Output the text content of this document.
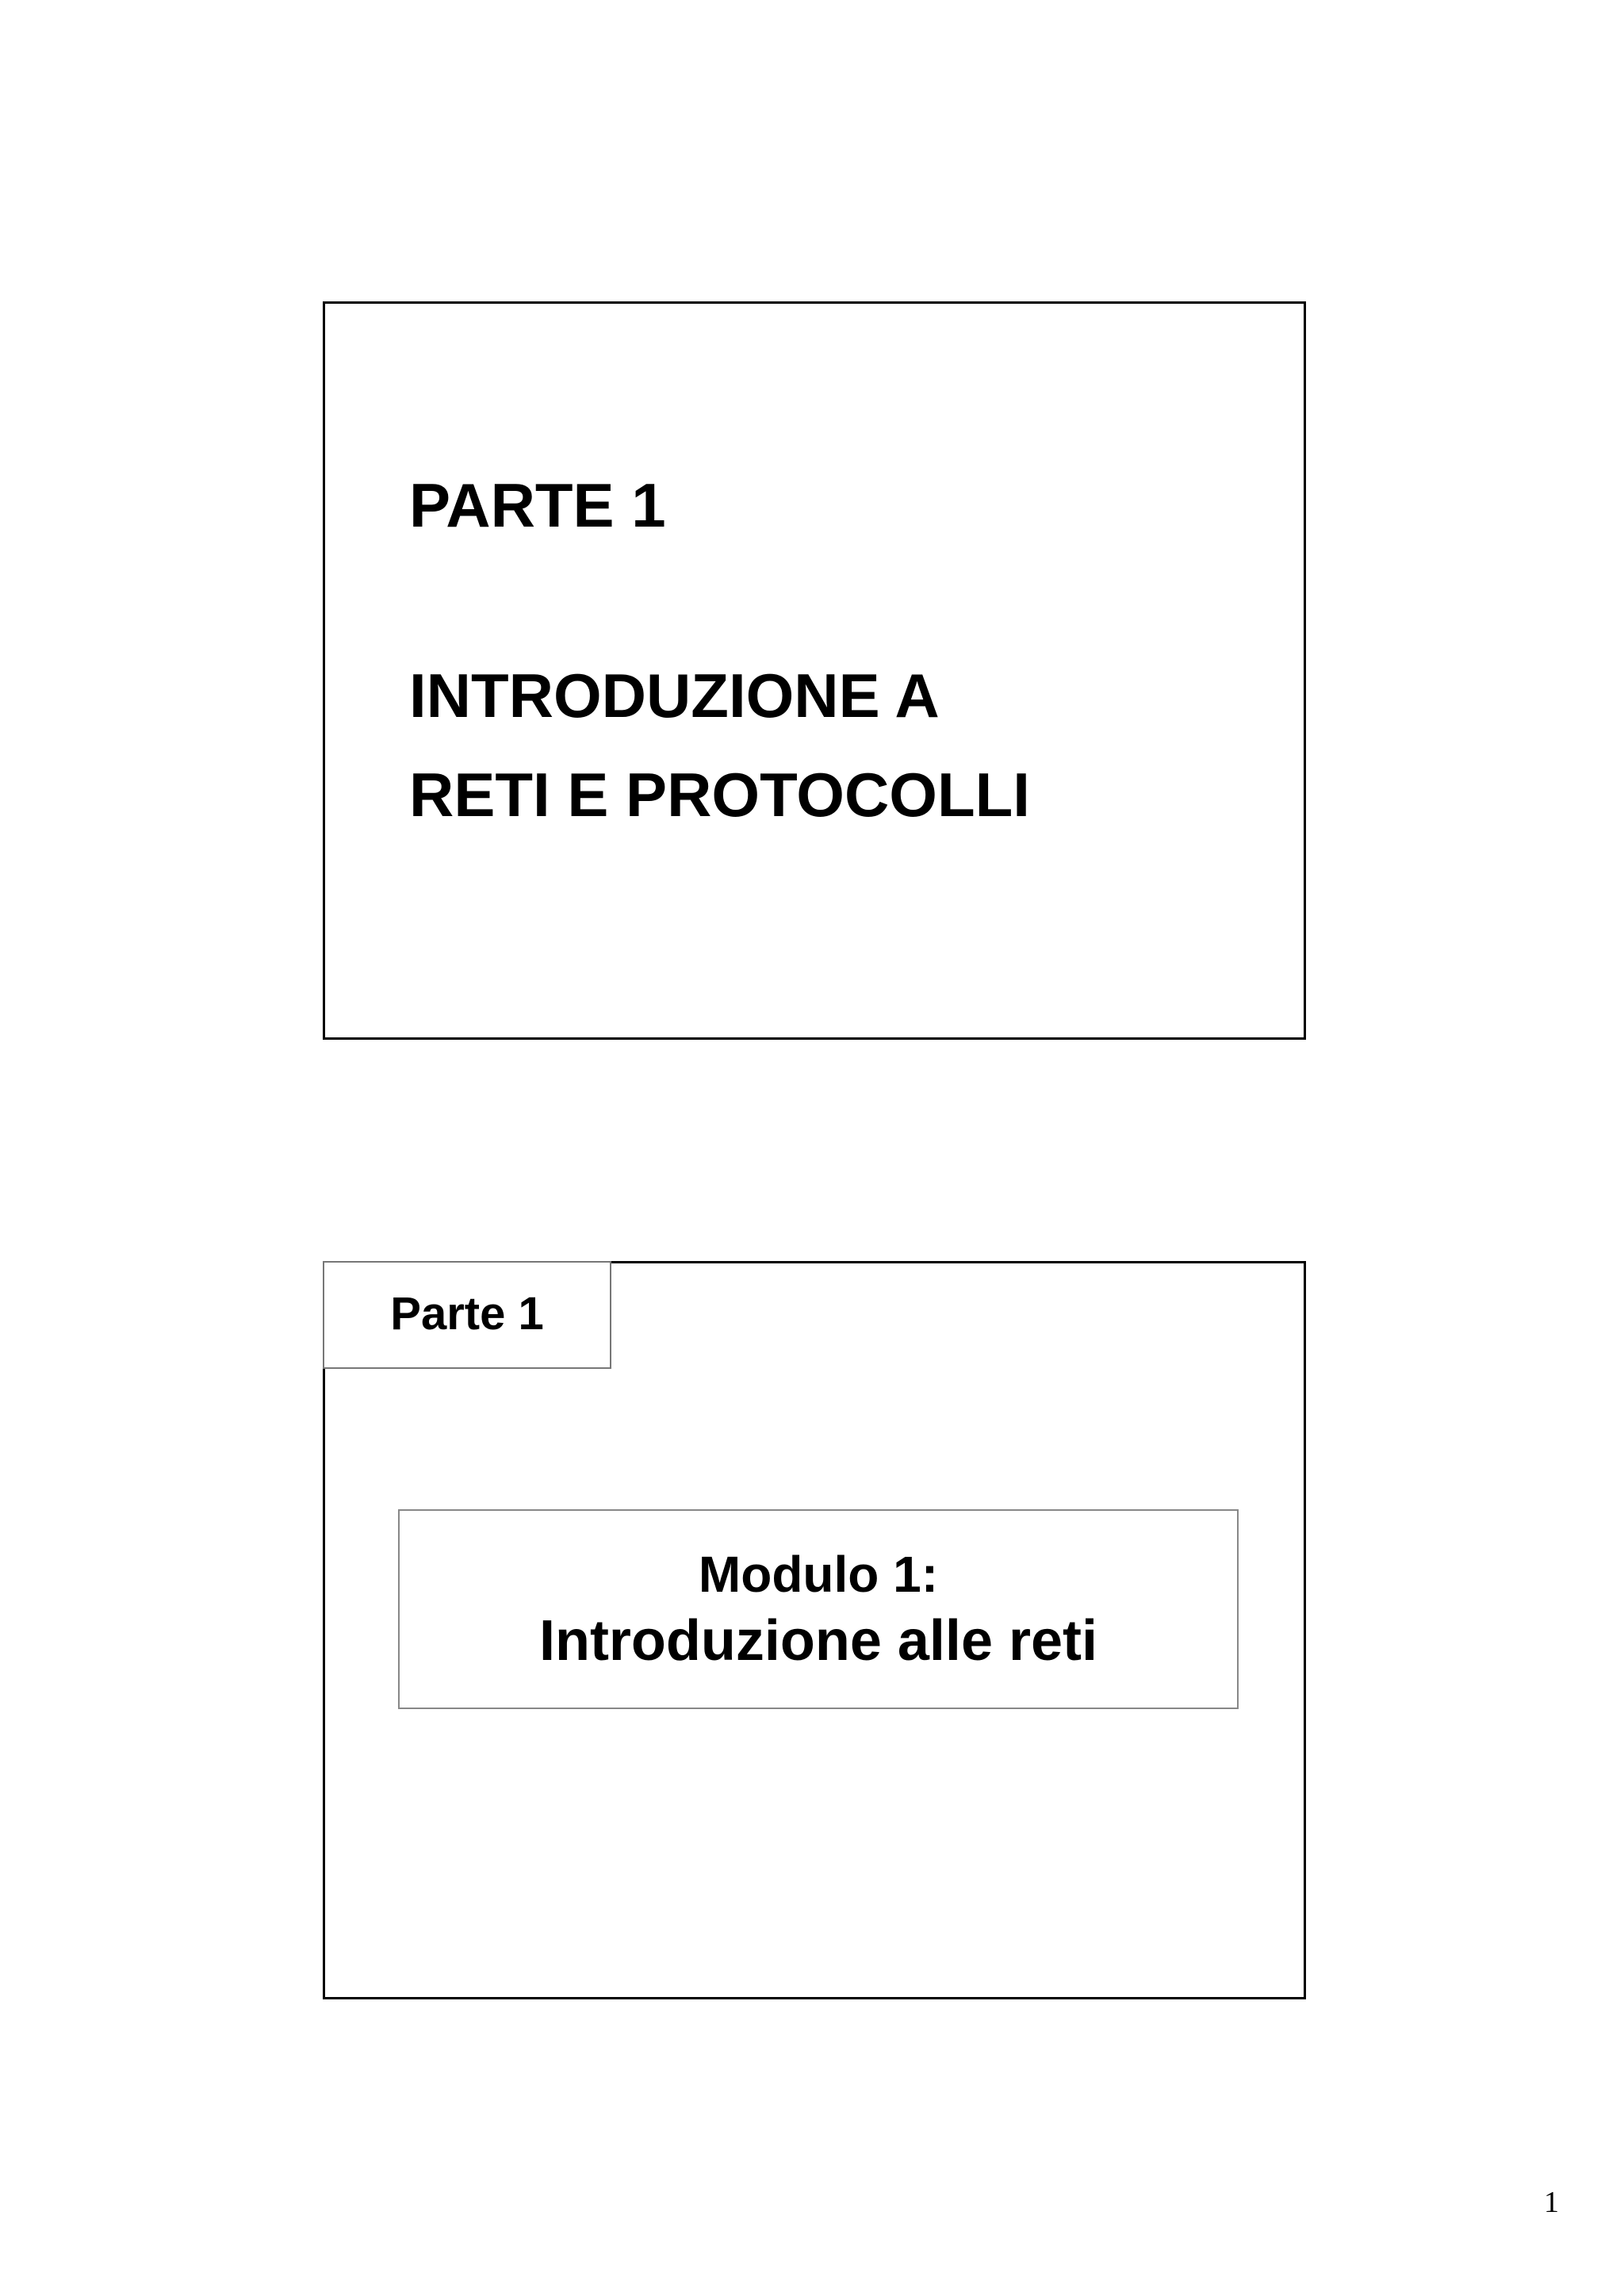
PARTE 1
INTRODUZIONE A
RETI E PROTOCOLLI
Parte 1
Modulo 1:
Introduzione alle reti
1
